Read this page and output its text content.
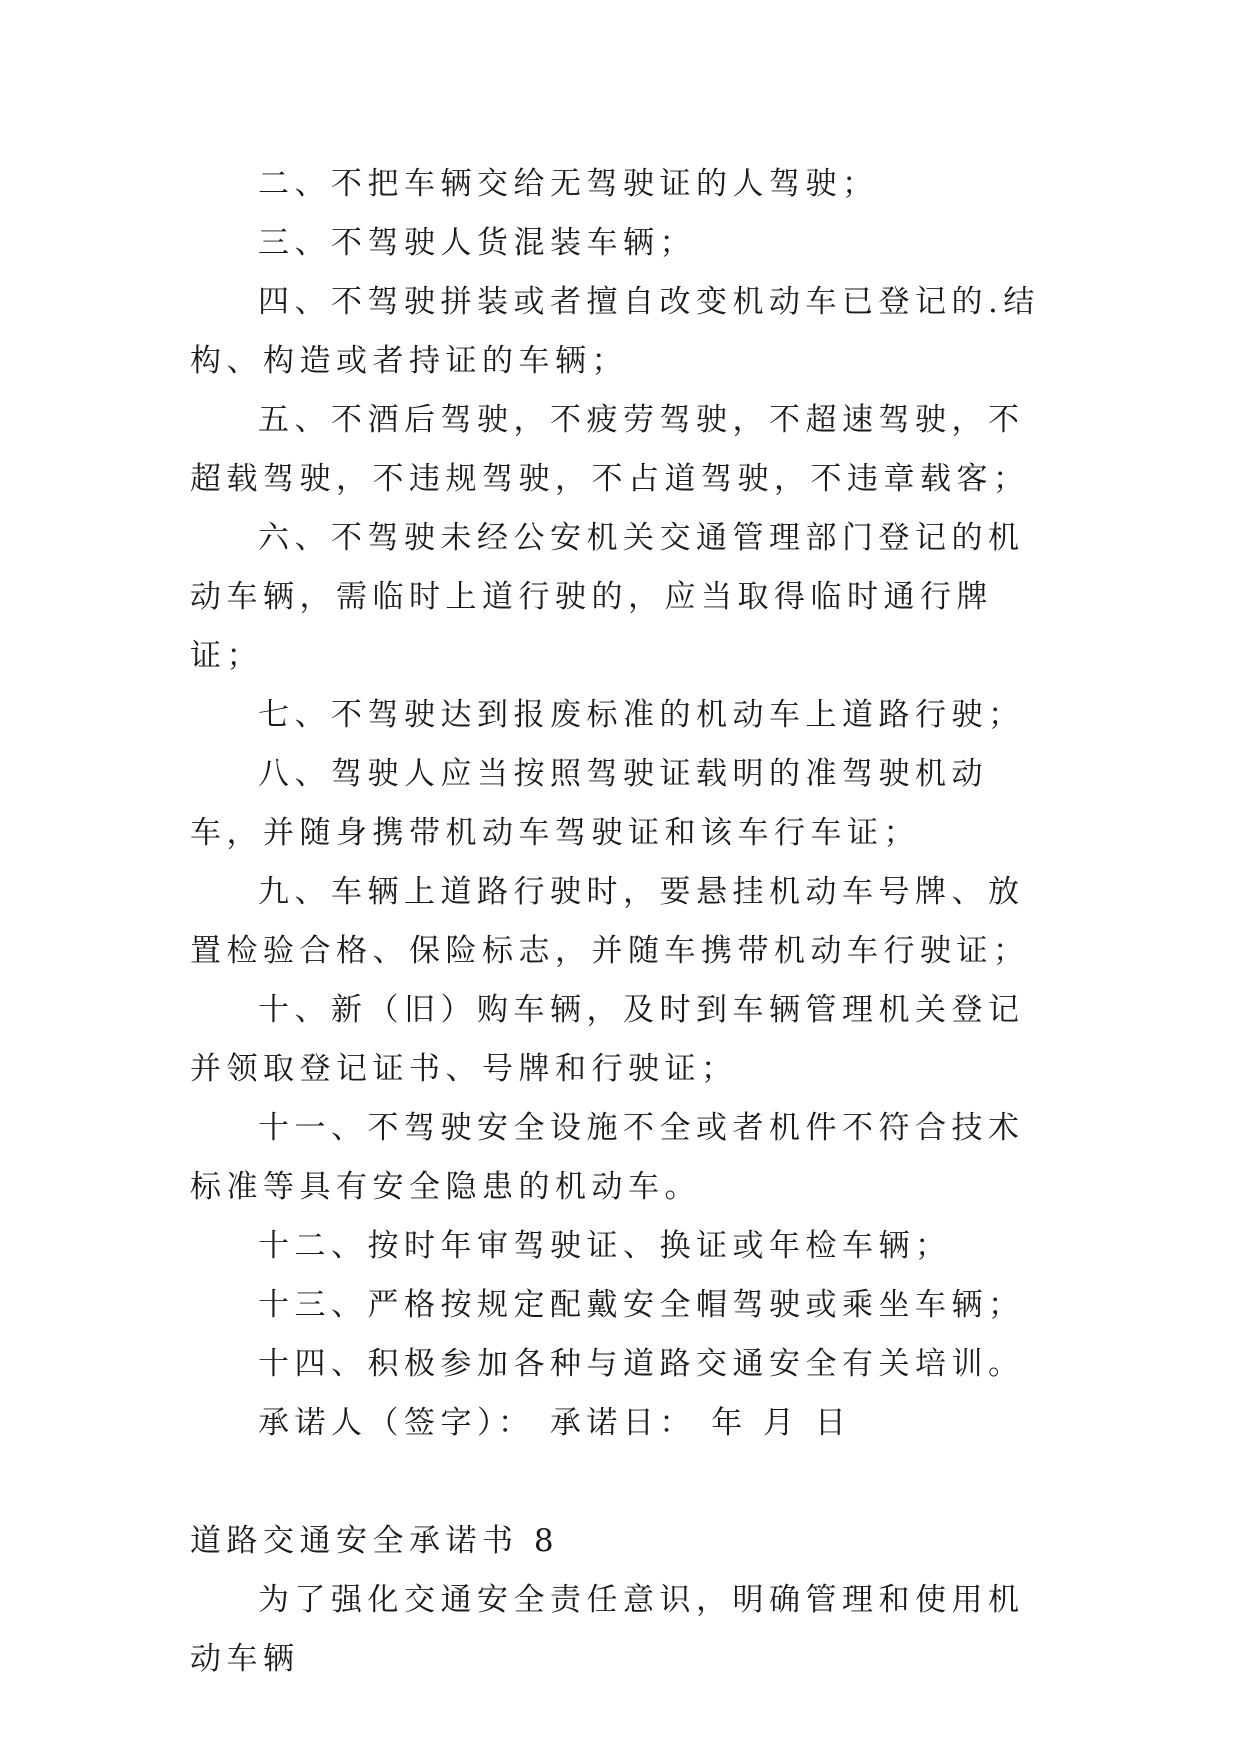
二、不把车辆交给无驾驶证的人驾驶；

三、不驾驶人货混装车辆；

四、不驾驶拼装或者擅自改变机动车已登记的.结构、构造或者持证的车辆；

五、不酒后驾驶，不疲劳驾驶，不超速驾驶，不超载驾驶，不违规驾驶，不占道驾驶，不违章载客；

六、不驾驶未经公安机关交通管理部门登记的机动车辆，需临时上道行驶的，应当取得临时通行牌证；

七、不驾驶达到报废标准的机动车上道路行驶；

八、驾驶人应当按照驾驶证载明的准驾驶机动车，并随身携带机动车驾驶证和该车行车证；

九、车辆上道路行驶时，要悬挂机动车号牌、放置检验合格、保险标志，并随车携带机动车行驶证；

十、新（旧）购车辆，及时到车辆管理机关登记并领取登记证书、号牌和行驶证；

十一、不驾驶安全设施不全或者机件不符合技术标准等具有安全隐患的机动车。

十二、按时年审驾驶证、换证或年检车辆；

十三、严格按规定配戴安全帽驾驶或乘坐车辆；

十四、积极参加各种与道路交通安全有关培训。

承诺人（签字）： 承诺日： 年 月 日

道路交通安全承诺书 8

为了强化交通安全责任意识，明确管理和使用机动车辆
